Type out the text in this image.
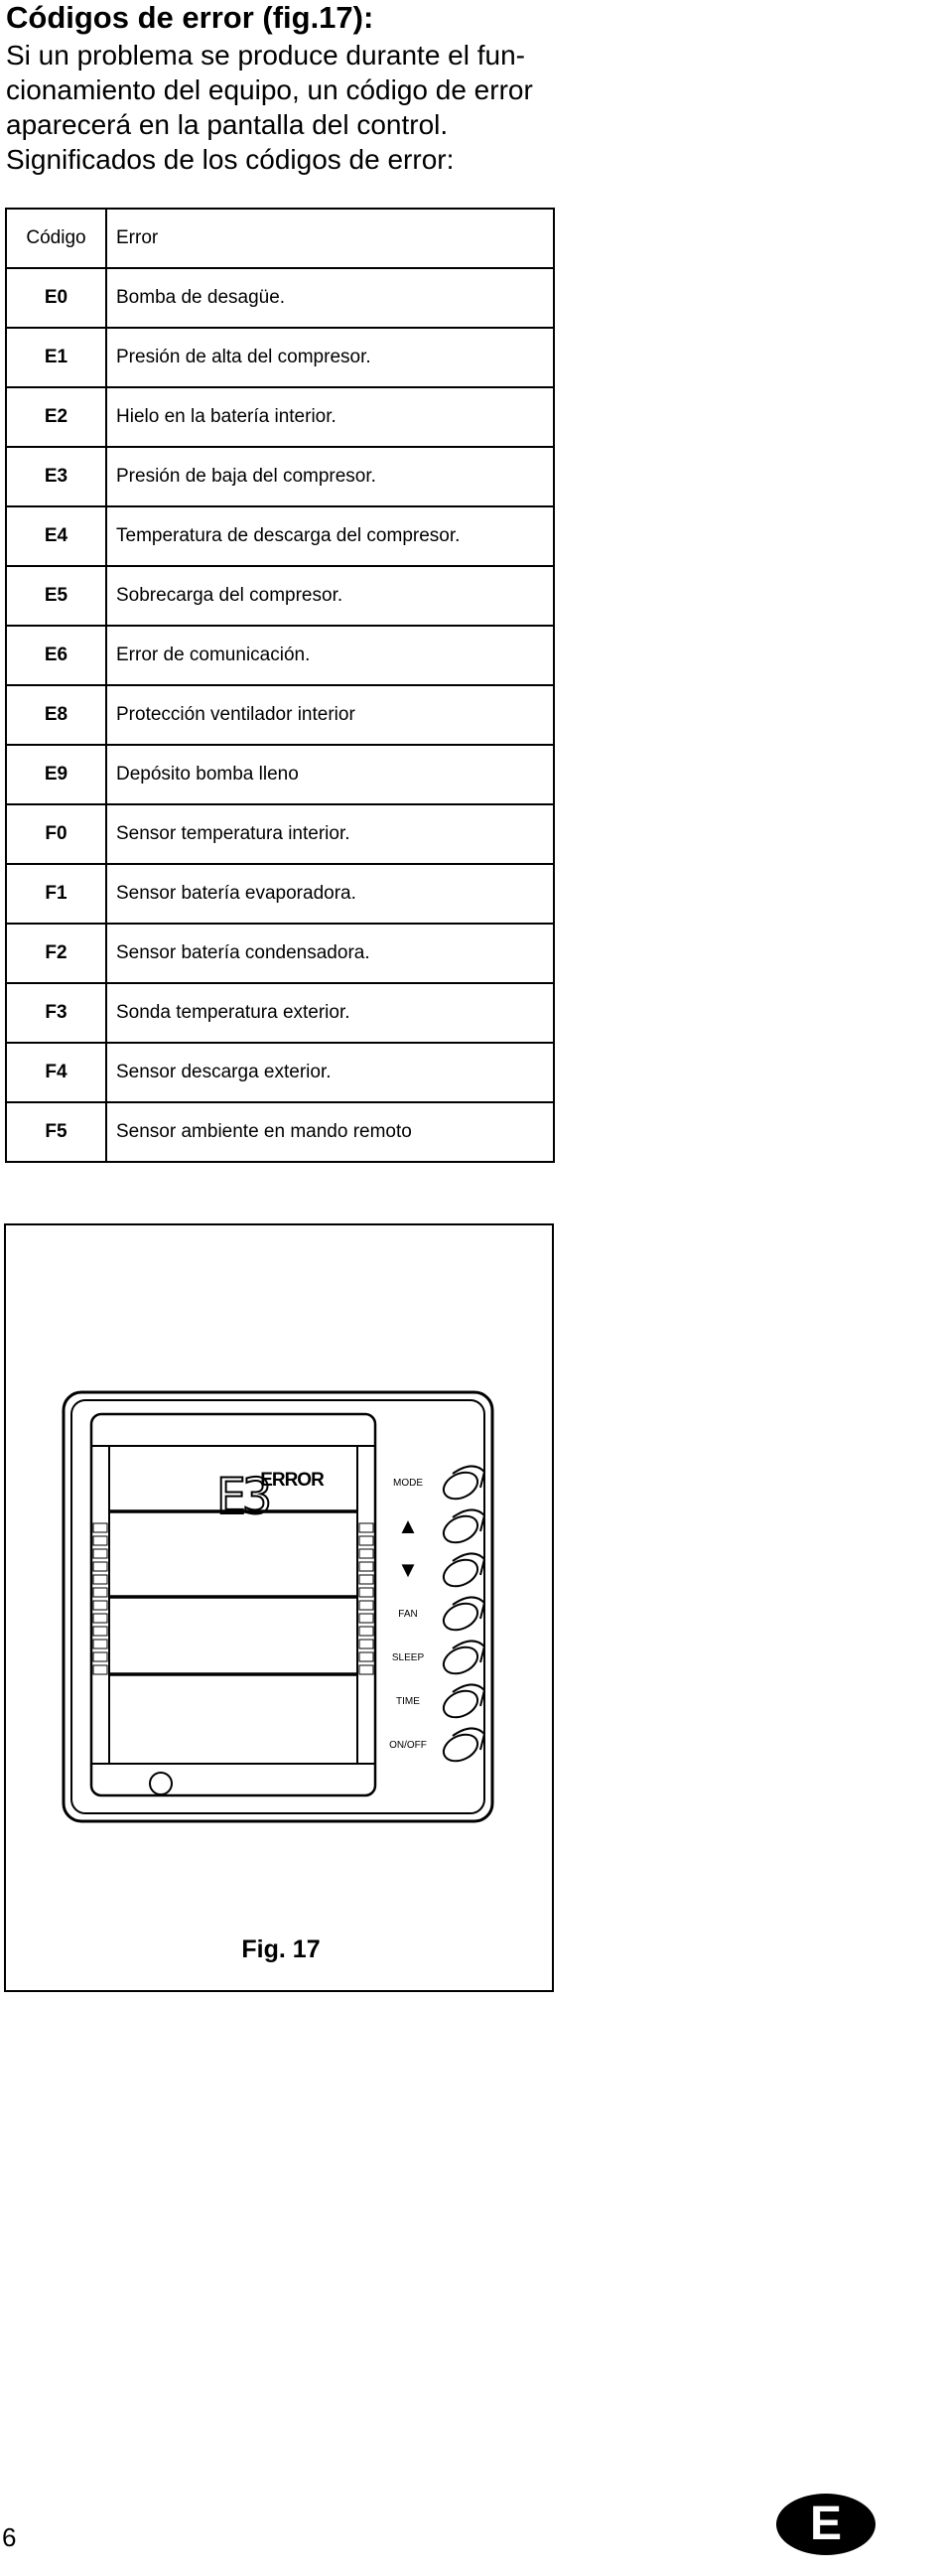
Códigos de error (fig.17):

Si un problema se produce durante el fun-
cionamiento del equipo, un código de error
aparecerá en la pantalla del control.
Significados de los códigos de error:

Código	Error
E0	Bomba de desagüe.
E1	Presión de alta del compresor.
E2	Hielo en la batería interior.
E3	Presión de baja del compresor.
E4	Temperatura de descarga del compresor.
E5	Sobrecarga del compresor.
E6	Error de comunicación.
E8	Protección ventilador interior
E9	Depósito bomba lleno
F0	Sensor temperatura interior.
F1	Sensor batería evaporadora.
F2	Sensor batería condensadora.
F3	Sonda temperatura exterior.
F4	Sensor descarga exterior.
F5	Sensor ambiente en mando remoto
E3
ERROR	MODE
▲
▼
FAN
SLEEP
TIME
ON/OFF
Fig. 17
6	E
